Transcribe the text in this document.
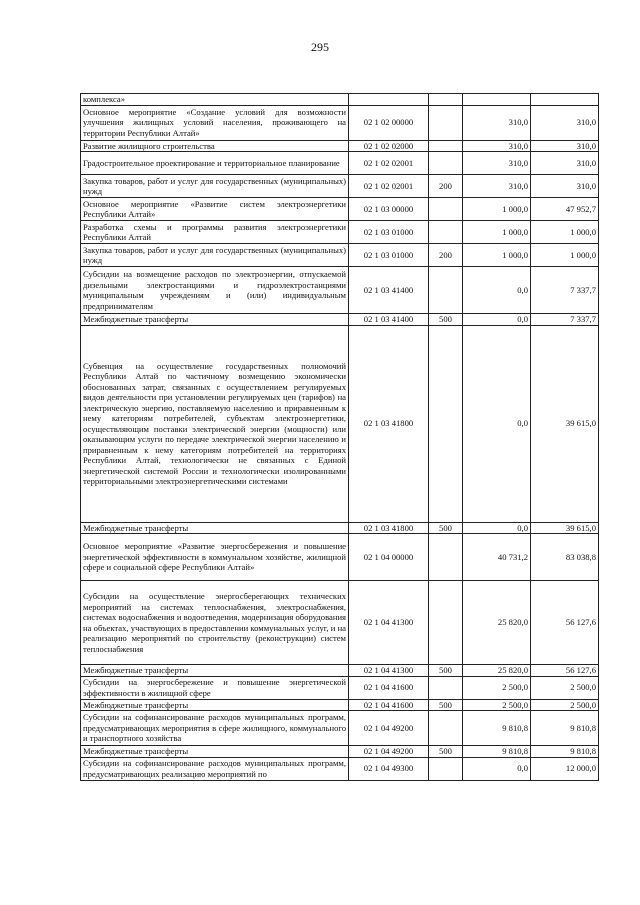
295
комплекса»				
Основное мероприятие «Создание условий для возможности улучшения жилищных условий населения, проживающего на территории Республики Алтай»	02 1 02 00000		310,0	310,0
Развитие жилищного строительства	02 1 02 02000		310,0	310,0
Градостроительное проектирование и территориальное планирование	02 1 02 02001		310,0	310,0
Закупка товаров, работ и услуг для государственных (муниципальных) нужд	02 1 02 02001	200	310,0	310,0
Основное мероприятие «Развитие систем электроэнергетики Республики Алтай»	02 1 03 00000		1 000,0	47 952,7
Разработка схемы и программы развития электроэнергетики Республики Алтай	02 1 03 01000		1 000,0	1 000,0
Закупка товаров, работ и услуг для государственных (муниципальных) нужд	02 1 03 01000	200	1 000,0	1 000,0
Субсидии на возмещение расходов по электроэнергии, отпускаемой дизельными электростанциями и гидроэлектростанциями муниципальным учреждениям и (или) индивидуальным предпринимателям	02 1 03 41400		0,0	7 337,7
Межбюджетные трансферты	02 1 03 41400	500	0,0	7 337,7
Субвенция на осуществление государственных полномочий Республики Алтай по частичному возмещению экономически обоснованных затрат, связанных с осуществлением регулируемых видов деятельности при установлении регулируемых цен (тарифов) на электрическую энергию, поставляемую населению и приравненным к нему категориям потребителей, субъектам электроэнергетики, осуществляющим поставки электрической энергии (мощности) или оказывающим услуги по передаче электрической энергии населению и приравненным к нему категориям потребителей на территориях Республики Алтай, технологически не связанных с Единой энергетической системой России и технологически изолированными территориальными электроэнергетическими системами	02 1 03 41800		0,0	39 615,0
Межбюджетные трансферты	02 1 03 41800	500	0,0	39 615,0
Основное мероприятие «Развитие энергосбережения и повышение энергетической эффективности в коммунальном хозяйстве, жилищной сфере и социальной сфере Республики Алтай»	02 1 04 00000		40 731,2	83 038,8
Субсидии на осуществление энергосберегающих технических мероприятий на системах теплоснабжения, электроснабжения, системах водоснабжения и водоотведения, модернизация оборудования на объектах, участвующих в предоставлении коммунальных услуг, и на реализацию мероприятий по строительству (реконструкции) систем теплоснабжения	02 1 04 41300		25 820,0	56 127,6
Межбюджетные трансферты	02 1 04 41300	500	25 820,0	56 127,6
Субсидии на энергосбережение и повышение энергетической эффективности в жилищной сфере	02 1 04 41600		2 500,0	2 500,0
Межбюджетные трансферты	02 1 04 41600	500	2 500,0	2 500,0
Субсидии на софинансирование расходов муниципальных программ, предусматривающих мероприятия в сфере жилищного, коммунального и транспортного хозяйства	02 1 04 49200		9 810,8	9 810,8
Межбюджетные трансферты	02 1 04 49200	500	9 810,8	9 810,8
Субсидии на софинансирование расходов муниципальных программ, предусматривающих реализацию мероприятий по	02 1 04 49300		0,0	12 000,0
